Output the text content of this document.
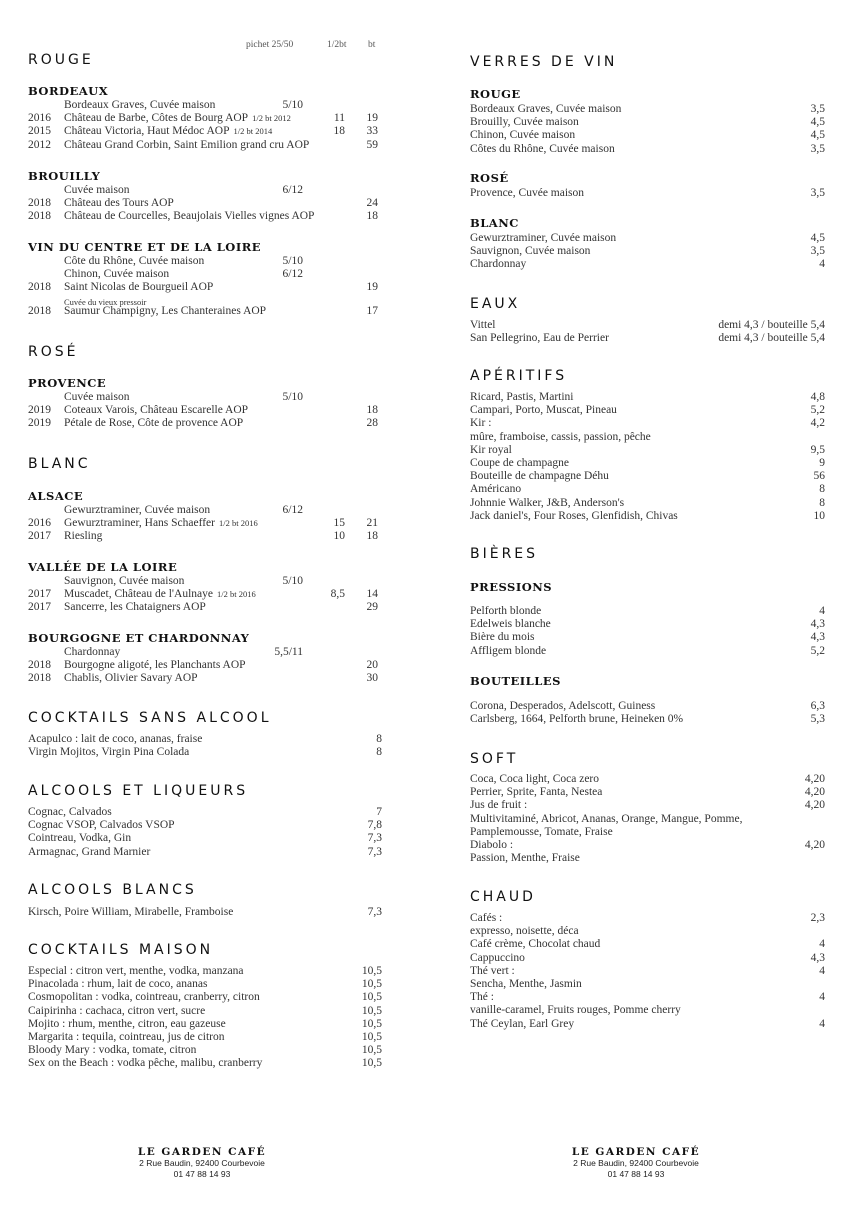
pichet 25/50	1/2bt bt
LE GARDEN CAFÉ
2 Rue Baudin, 92400 Courbevoie
01 47 88 14 93
LE GARDEN CAFÉ
2 Rue Baudin, 92400 Courbevoie
01 47 88 14 93
ROUGE
BORDEAUX
Bordeaux Graves, Cuvée maison	5/10
2016 Château de Barbe, Côtes de Bourg AOP 1/2 bt 2012	11	19
2015 Château Victoria, Haut Médoc AOP 1/2 bt 2014	18	33
2012 Château Grand Corbin, Saint Emilion grand cru AOP	59
BROUILLY
Cuvée maison	6/12
2018 Château des Tours AOP	24
2018 Château de Courcelles, Beaujolais Vielles vignes AOP	18
VIN DU CENTRE ET DE LA LOIRE
Côte du Rhône, Cuvée maison	5/10
Chinon, Cuvée maison	6/12
2018 Saint Nicolas de Bourgueil AOP	19
Cuvée du vieux pressoir
2018 Saumur Champigny, Les Chanteraines AOP	17
ROSÉ
PROVENCE
Cuvée maison	5/10
2019 Coteaux Varois, Château Escarelle AOP	18
2019 Pétale de Rose, Côte de provence AOP	28
BLANC
ALSACE
Gewurztraminer, Cuvée maison	6/12
2016 Gewurztraminer, Hans Schaeffer 1/2 bt 2016	15	21
2017 Riesling	10	18
VALLÉE DE LA LOIRE
Sauvignon, Cuvée maison	5/10
2017 Muscadet, Château de l'Aulnaye 1/2 bt 2016	8,5	14
2017 Sancerre, les Chataigners AOP	29
BOURGOGNE ET CHARDONNAY
Chardonnay	5,5/11
2018 Bourgogne aligoté, les Planchants AOP	20
2018 Chablis, Olivier Savary AOP	30
COCKTAILS SANS ALCOOL
Acapulco : lait de coco, ananas, fraise	8
Virgin Mojitos, Virgin Pina Colada	8
ALCOOLS ET LIQUEURS
Cognac, Calvados	7
Cognac VSOP, Calvados VSOP	7,8
Cointreau, Vodka, Gin	7,3
Armagnac, Grand Marnier	7,3
ALCOOLS BLANCS
Kirsch, Poire William, Mirabelle, Framboise	7,3
COCKTAILS MAISON
Especial : citron vert, menthe, vodka, manzana	10,5
Pinacolada : rhum, lait de coco, ananas	10,5
Cosmopolitan : vodka, cointreau, cranberry, citron	10,5
Caipirinha : cachaca, citron vert, sucre	10,5
Mojito : rhum, menthe, citron, eau gazeuse	10,5
Margarita : tequila, cointreau, jus de citron	10,5
Bloody Mary : vodka, tomate, citron	10,5
Sex on the Beach : vodka pêche, malibu, cranberry	10,5
VERRES DE VIN
ROUGE
Bordeaux Graves, Cuvée maison	3,5
Brouilly, Cuvée maison	4,5
Chinon, Cuvée maison	4,5
Côtes du Rhône, Cuvée maison	3,5
ROSÉ
Provence, Cuvée maison	3,5
BLANC
Gewurztraminer, Cuvée maison	4,5
Sauvignon, Cuvée maison	3,5
Chardonnay	4
EAUX
Vittel	demi 4,3 / bouteille 5,4
San Pellegrino, Eau de Perrier	demi 4,3 / bouteille 5,4
APÉRITIFS
Ricard, Pastis, Martini	4,8
Campari, Porto, Muscat, Pineau	5,2
Kir :	4,2
mûre, framboise, cassis, passion, pêche
Kir royal	9,5
Coupe de champagne	9
Bouteille de champagne Déhu	56
Américano	8
Johnnie Walker, J&B, Anderson's	8
Jack daniel's, Four Roses, Glenfidish, Chivas	10
BIÈRES
PRESSIONS
Pelforth blonde	4
Edelweis blanche	4,3
Bière du mois	4,3
Affligem blonde	5,2
BOUTEILLES
Corona, Desperados, Adelscott, Guiness	6,3
Carlsberg, 1664, Pelforth brune, Heineken 0%	5,3
SOFT
Coca, Coca light, Coca zero	4,20
Perrier, Sprite, Fanta, Nestea	4,20
Jus de fruit :	4,20
Multivitaminé, Abricot, Ananas, Orange, Mangue, Pomme,
Pamplemousse, Tomate, Fraise
Diabolo :	4,20
Passion, Menthe, Fraise
CHAUD
Cafés :	2,3
expresso, noisette, déca
Café crème, Chocolat chaud	4
Cappuccino	4,3
Thé vert :	4
Sencha, Menthe, Jasmin
Thé :	4
vanille-caramel, Fruits rouges, Pomme cherry
Thé Ceylan, Earl Grey	4
